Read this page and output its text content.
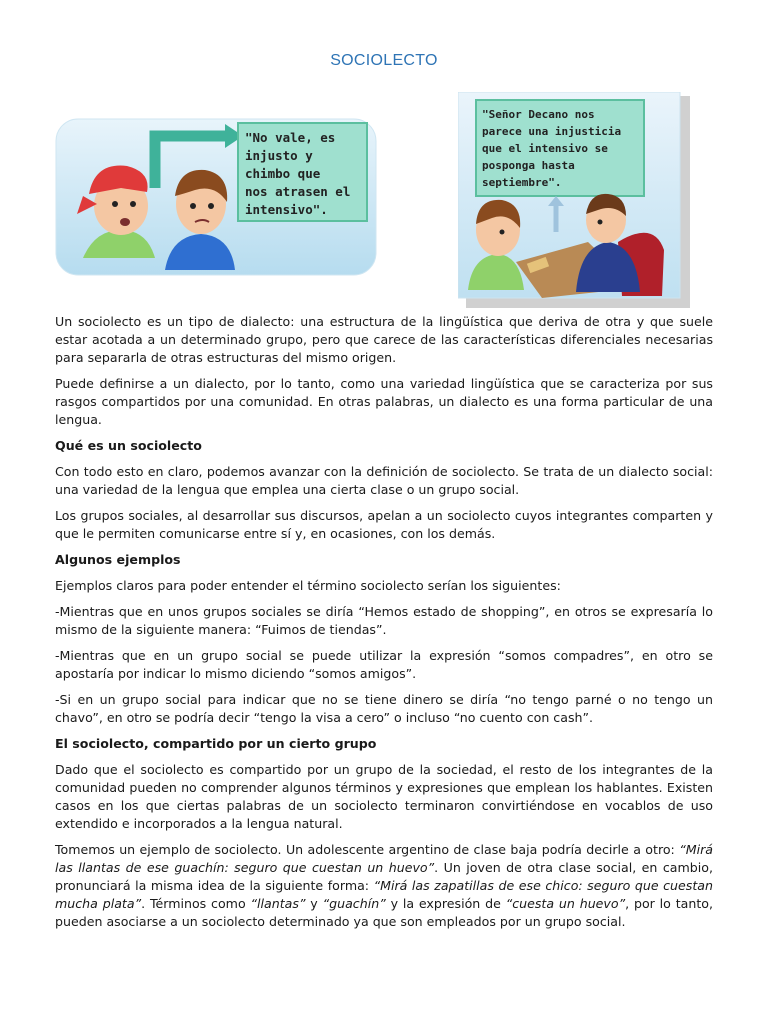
SOCIOLECTO
"No vale, es
injusto y
chimbo que
nos atrasen el
intensivo".
"Señor Decano nos
parece una injusticia
que el intensivo se
posponga hasta
septiembre".

Un sociolecto es un tipo de dialecto: una estructura de la lingüística que deriva de otra y que suele estar acotada a un determinado grupo, pero que carece de las características diferenciales necesarias para separarla de otras estructuras del mismo origen.

Puede definirse a un dialecto, por lo tanto, como una variedad lingüística que se caracteriza por sus rasgos compartidos por una comunidad. En otras palabras, un dialecto es una forma particular de una lengua.

Qué es un sociolecto

Con todo esto en claro, podemos avanzar con la definición de sociolecto. Se trata de un dialecto social: una variedad de la lengua que emplea una cierta clase o un grupo social.

Los grupos sociales, al desarrollar sus discursos, apelan a un sociolecto cuyos integrantes comparten y que le permiten comunicarse entre sí y, en ocasiones, con los demás.

Algunos ejemplos

Ejemplos claros para poder entender el término sociolecto serían los siguientes:

-Mientras que en unos grupos sociales se diría “Hemos estado de shopping”, en otros se expresaría lo mismo de la siguiente manera: “Fuimos de tiendas”.

-Mientras que en un grupo social se puede utilizar la expresión “somos compadres”, en otro se apostaría por indicar lo mismo diciendo “somos amigos”.

-Si en un grupo social para indicar que no se tiene dinero se diría “no tengo parné o no tengo un chavo”, en otro se podría decir “tengo la visa a cero” o incluso “no cuento con cash”.

El sociolecto, compartido por un cierto grupo

Dado que el sociolecto es compartido por un grupo de la sociedad, el resto de los integrantes de la comunidad pueden no comprender algunos términos y expresiones que emplean los hablantes. Existen casos en los que ciertas palabras de un sociolecto terminaron convirtiéndose en vocablos de uso extendido e incorporados a la lengua natural.

Tomemos un ejemplo de sociolecto. Un adolescente argentino de clase baja podría decirle a otro: “Mirá las llantas de ese guachín: seguro que cuestan un huevo”. Un joven de otra clase social, en cambio, pronunciará la misma idea de la siguiente forma: “Mirá las zapatillas de ese chico: seguro que cuestan mucha plata”. Términos como “llantas” y “guachín” y la expresión de “cuesta un huevo”, por lo tanto, pueden asociarse a un sociolecto determinado ya que son empleados por un grupo social.
